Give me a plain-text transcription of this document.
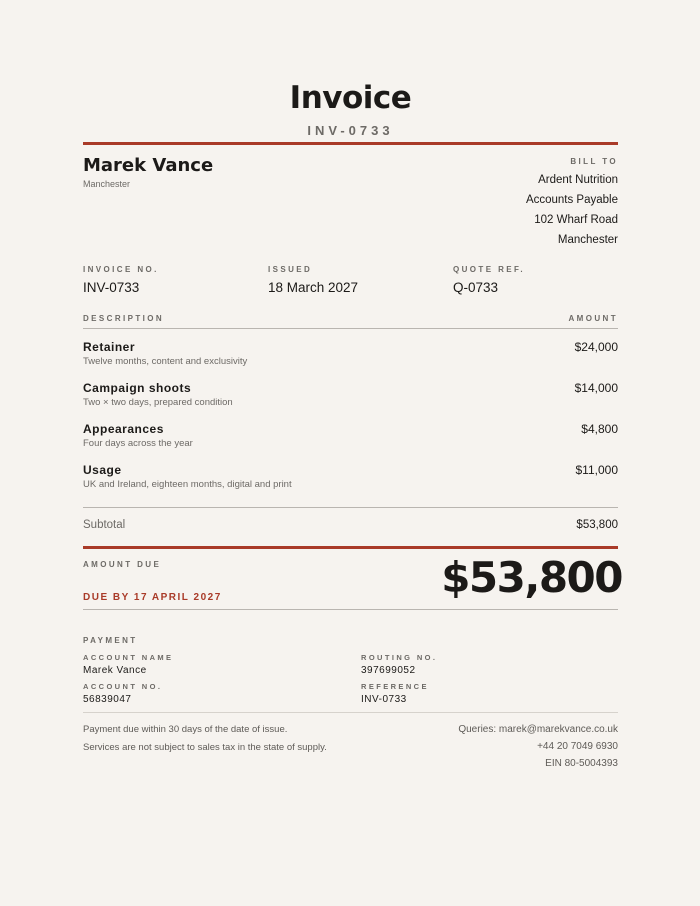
Invoice
INV-0733
Marek Vance
Manchester
BILL TO
Ardent Nutrition
Accounts Payable
102 Wharf Road
Manchester
INVOICE NO.
INV-0733
ISSUED
18 March 2027
QUOTE REF.
Q-0733
DESCRIPTION	AMOUNT
Retainer
Twelve months, content and exclusivity
$24,000
Campaign shoots
Two × two days, prepared condition
$14,000
Appearances
Four days across the year
$4,800
Usage
UK and Ireland, eighteen months, digital and print
$11,000
Subtotal	$53,800
AMOUNT DUE
DUE BY 17 APRIL 2027	$53,800
PAYMENT
ACCOUNT NAME
Marek Vance
ACCOUNT NO.
56839047
ROUTING NO.
397699052
REFERENCE
INV-0733
Payment due within 30 days of the date of issue.
Services are not subject to sales tax in the state of supply.
Queries: marek@marekvance.co.uk
+44 20 7049 6930
EIN 80-5004393
